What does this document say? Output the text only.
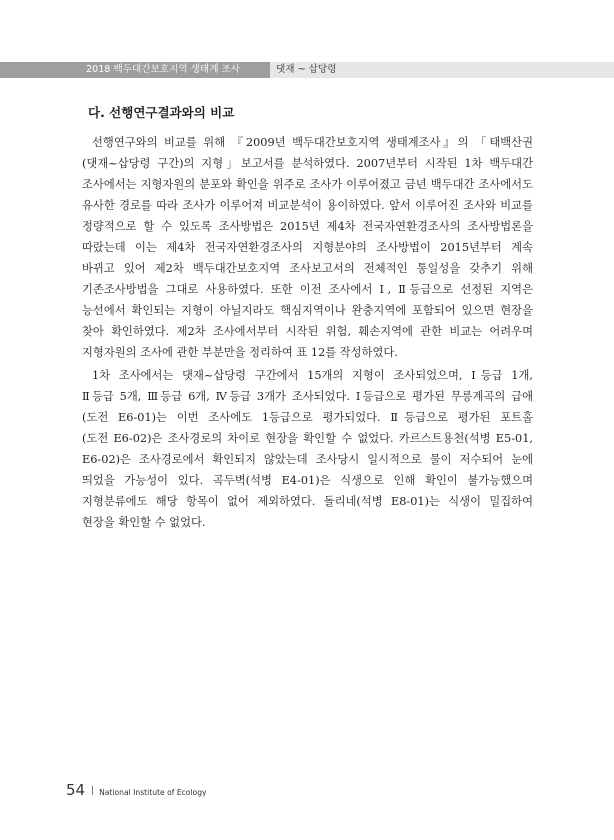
2018 백두대간보호지역 생태계 조사	댓재 ~ 삽당령
다. 선행연구결과와의 비교
선행연구와의 비교를 위해 『2009년 백두대간보호지역 생태계조사』의 「태백산권
(댓재~삽당령 구간)의 지형」보고서를 분석하였다. 2007년부터 시작된 1차 백두대간
조사에서는 지형자원의 분포와 확인을 위주로 조사가 이루어졌고 금년 백두대간 조사에서도
유사한 경로를 따라 조사가 이루어져 비교분석이 용이하였다. 앞서 이루어진 조사와 비교를
정량적으로 할 수 있도록 조사방법은 2015년 제4차 전국자연환경조사의 조사방법론을
따랐는데 이는 제4차 전국자연환경조사의 지형분야의 조사방법이 2015년부터 계속
바뀌고 있어 제2차 백두대간보호지역 조사보고서의 전체적인 통일성을 갖추기 위해
기존조사방법을 그대로 사용하였다. 또한 이전 조사에서 Ⅰ, Ⅱ등급으로 선정된 지역은
능선에서 확인되는 지형이 아닐지라도 핵심지역이나 완충지역에 포함되어 있으면 현장을
찾아 확인하였다. 제2차 조사에서부터 시작된 위험, 훼손지역에 관한 비교는 어려우며
지형자원의 조사에 관한 부분만을 정리하여 표 12를 작성하였다.
1차 조사에서는 댓재~삽당령 구간에서 15개의 지형이 조사되었으며, Ⅰ등급 1개,
Ⅱ등급 5개, Ⅲ등급 6개, Ⅳ등급 3개가 조사되었다. Ⅰ등급으로 평가된 무릉계곡의 급애
(도전 E6-01)는 이번 조사에도 1등급으로 평가되었다. Ⅱ등급으로 평가된 포트홀
(도전 E6-02)은 조사경로의 차이로 현장을 확인할 수 없었다. 카르스트용천(석병 E5-01,
E6-02)은 조사경로에서 확인되지 않았는데 조사당시 일시적으로 물이 저수되어 눈에
띄었을 가능성이 있다. 곡두벽(석병 E4-01)은 식생으로 인해 확인이 불가능했으며
지형분류에도 해당 항목이 없어 제외하였다. 돌리네(석병 E8-01)는 식생이 밀집하여
현장을 확인할 수 없었다.
54 National Institute of Ecology
